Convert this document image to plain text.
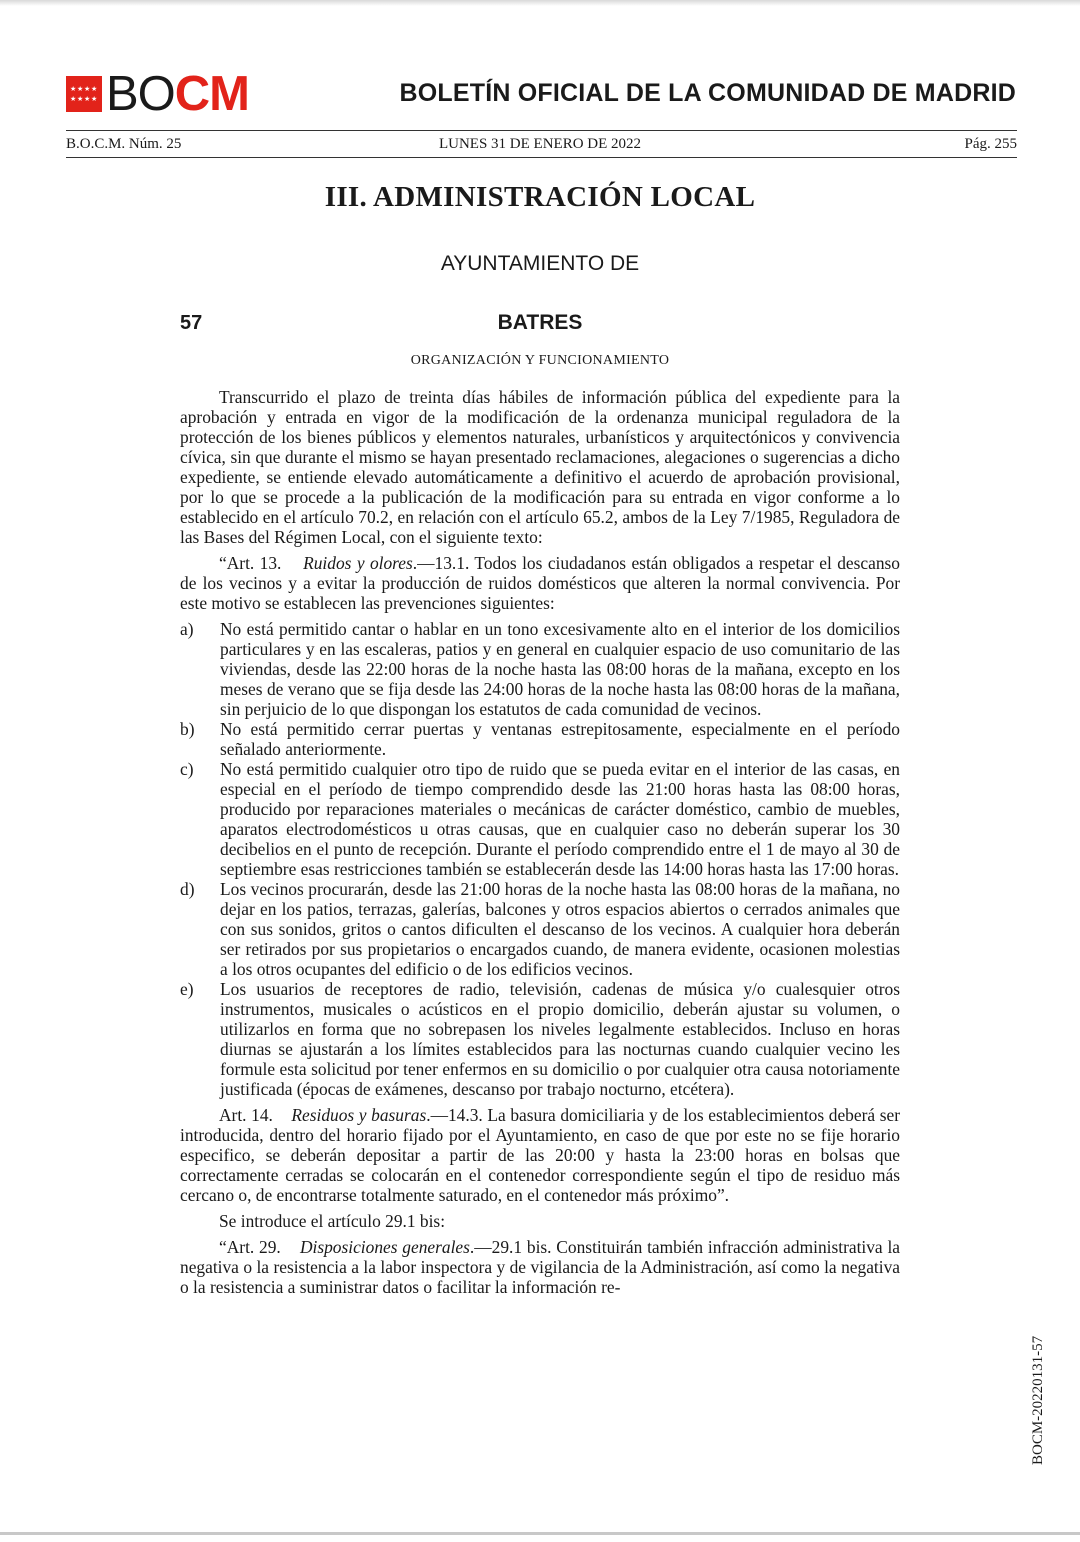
★ ★ ★ ★
★ ★ ★ ★ BOCM	BOLETÍN OFICIAL DE LA COMUNIDAD DE MADRID
B.O.C.M. Núm. 25	LUNES 31 DE ENERO DE 2022	Pág. 255
III. ADMINISTRACIÓN LOCAL
AYUNTAMIENTO DE
57	BATRES
ORGANIZACIÓN Y FUNCIONAMIENTO

Transcurrido el plazo de treinta días hábiles de información pública del expediente para la aprobación y entrada en vigor de la modificación de la ordenanza municipal reguladora de la protección de los bienes públicos y elementos naturales, urbanísticos y arquitectónicos y convivencia cívica, sin que durante el mismo se hayan presentado reclamaciones, alegaciones o sugerencias a dicho expediente, se entiende elevado automáticamente a definitivo el acuerdo de aprobación provisional, por lo que se procede a la publicación de la modificación para su entrada en vigor conforme a lo establecido en el artículo 70.2, en relación con el artículo 65.2, ambos de la Ley 7/1985, Reguladora de las Bases del Régimen Local, con el siguiente texto:

“Art. 13. Ruidos y olores.—13.1. Todos los ciudadanos están obligados a respetar el descanso de los vecinos y a evitar la producción de ruidos domésticos que alteren la normal convivencia. Por este motivo se establecen las prevenciones siguientes:

a)	No está permitido cantar o hablar en un tono excesivamente alto en el interior de los domicilios particulares y en las escaleras, patios y en general en cualquier espacio de uso comunitario de las viviendas, desde las 22:00 horas de la noche hasta las 08:00 horas de la mañana, excepto en los meses de verano que se fija desde las 24:00 horas de la noche hasta las 08:00 horas de la mañana, sin perjuicio de lo que dispongan los estatutos de cada comunidad de vecinos.
b)	No está permitido cerrar puertas y ventanas estrepitosamente, especialmente en el período señalado anteriormente.
c)	No está permitido cualquier otro tipo de ruido que se pueda evitar en el interior de las casas, en especial en el período de tiempo comprendido desde las 21:00 horas hasta las 08:00 horas, producido por reparaciones materiales o mecánicas de carácter doméstico, cambio de muebles, aparatos electrodomésticos u otras causas, que en cualquier caso no deberán superar los 30 decibelios en el punto de recepción. Durante el período comprendido entre el 1 de mayo al 30 de septiembre esas restricciones también se establecerán desde las 14:00 horas hasta las 17:00 horas.
d)	Los vecinos procurarán, desde las 21:00 horas de la noche hasta las 08:00 horas de la mañana, no dejar en los patios, terrazas, galerías, balcones y otros espacios abiertos o cerrados animales que con sus sonidos, gritos o cantos dificulten el descanso de los vecinos. A cualquier hora deberán ser retirados por sus propietarios o encargados cuando, de manera evidente, ocasionen molestias a los otros ocupantes del edificio o de los edificios vecinos.
e)	Los usuarios de receptores de radio, televisión, cadenas de música y/o cualesquier otros instrumentos, musicales o acústicos en el propio domicilio, deberán ajustar su volumen, o utilizarlos en forma que no sobrepasen los niveles legalmente establecidos. Incluso en horas diurnas se ajustarán a los límites establecidos para las nocturnas cuando cualquier vecino les formule esta solicitud por tener enfermos en su domicilio o por cualquier otra causa notoriamente justificada (épocas de exámenes, descanso por trabajo nocturno, etcétera).

Art. 14. Residuos y basuras.—14.3. La basura domiciliaria y de los establecimientos deberá ser introducida, dentro del horario fijado por el Ayuntamiento, en caso de que por este no se fije horario especifico, se deberán depositar a partir de las 20:00 y hasta la 23:00 horas en bolsas que correctamente cerradas se colocarán en el contenedor correspondiente según el tipo de residuo más cercano o, de encontrarse totalmente saturado, en el contenedor más próximo”.

Se introduce el artículo 29.1 bis:

“Art. 29. Disposiciones generales.—29.1 bis. Constituirán también infracción administrativa la negativa o la resistencia a la labor inspectora y de vigilancia de la Administración, así como la negativa o la resistencia a suministrar datos o facilitar la información re-

BOCM-20220131-57
